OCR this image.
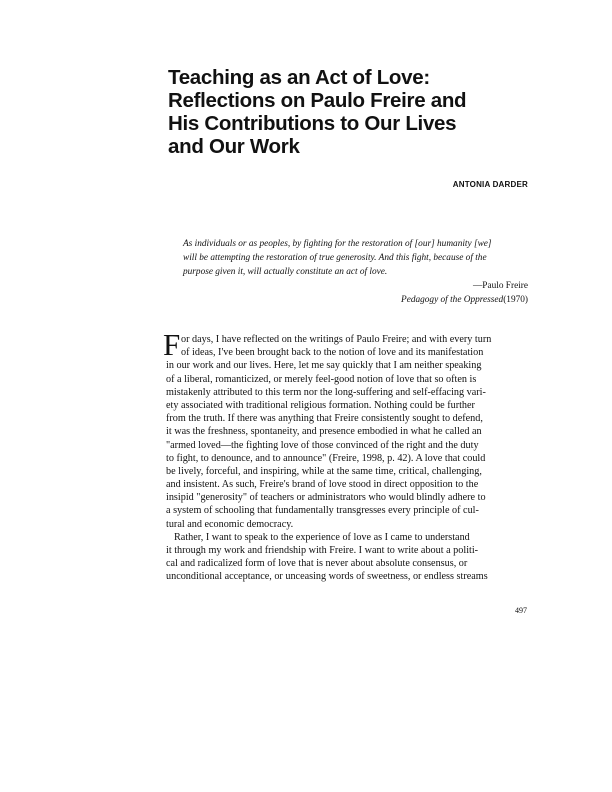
Teaching as an Act of Love:
Reflections on Paulo Freire and
His Contributions to Our Lives
and Our Work
ANTONIA DARDER
As individuals or as peoples, by fighting for the restoration of [our] humanity [we]
will be attempting the restoration of true generosity. And this fight, because of the
purpose given it, will actually constitute an act of love.
—Paulo Freire
Pedagogy of the Oppressed(1970)
F or days, I have reflected on the writings of Paulo Freire; and with every turn
of ideas, I've been brought back to the notion of love and its manifestation
in our work and our lives. Here, let me say quickly that I am neither speaking
of a liberal, romanticized, or merely feel-good notion of love that so often is
mistakenly attributed to this term nor the long-suffering and self-effacing vari-
ety associated with traditional religious formation. Nothing could be further
from the truth. If there was anything that Freire consistently sought to defend,
it was the freshness, spontaneity, and presence embodied in what he called an
"armed loved—the fighting love of those convinced of the right and the duty
to fight, to denounce, and to announce" (Freire, 1998, p. 42). A love that could
be lively, forceful, and inspiring, while at the same time, critical, challenging,
and insistent. As such, Freire's brand of love stood in direct opposition to the
insipid "generosity" of teachers or administrators who would blindly adhere to
a system of schooling that fundamentally transgresses every principle of cul-
tural and economic democracy.
Rather, I want to speak to the experience of love as I came to understand
it through my work and friendship with Freire. I want to write about a politi-
cal and radicalized form of love that is never about absolute consensus, or
unconditional acceptance, or unceasing words of sweetness, or endless streams
497
